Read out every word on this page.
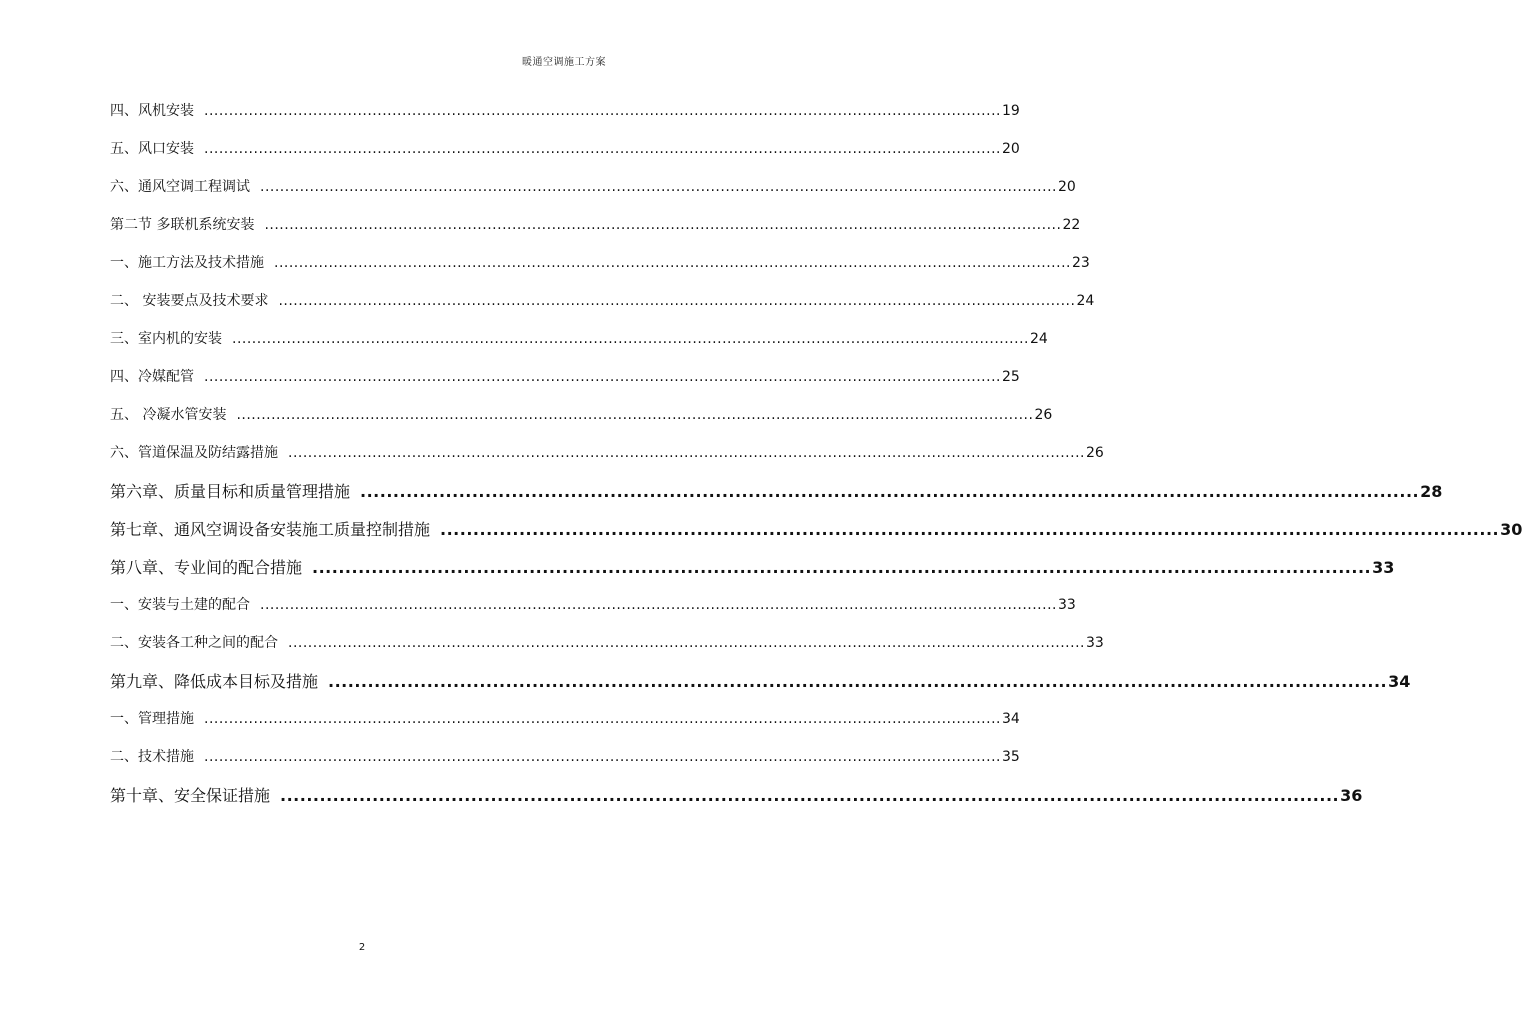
暖通空调施工方案
四、风机安装 ................................................................................................................................................................. 19
五、风口安装 ................................................................................................................................................................. 20
六、通风空调工程调试 ................................................................................................................................................................. 20
第二节 多联机系统安装 ................................................................................................................................................................. 22
一、施工方法及技术措施 ................................................................................................................................................................. 23
二、 安装要点及技术要求 ................................................................................................................................................................. 24
三、室内机的安装 ................................................................................................................................................................. 24
四、冷媒配管 ................................................................................................................................................................. 25
五、 冷凝水管安装 ................................................................................................................................................................. 26
六、管道保温及防结露措施 ................................................................................................................................................................. 26
第六章、质量目标和质量管理措施 ................................................................................................................................................................. 28
第七章、通风空调设备安装施工质量控制措施 ................................................................................................................................................................. 30
第八章、专业间的配合措施 ................................................................................................................................................................. 33
一、安装与土建的配合 ................................................................................................................................................................. 33
二、安装各工种之间的配合 ................................................................................................................................................................. 33
第九章、降低成本目标及措施 ................................................................................................................................................................. 34
一、管理措施 ................................................................................................................................................................. 34
二、技术措施 ................................................................................................................................................................. 35
第十章、安全保证措施 ................................................................................................................................................................. 36
2
